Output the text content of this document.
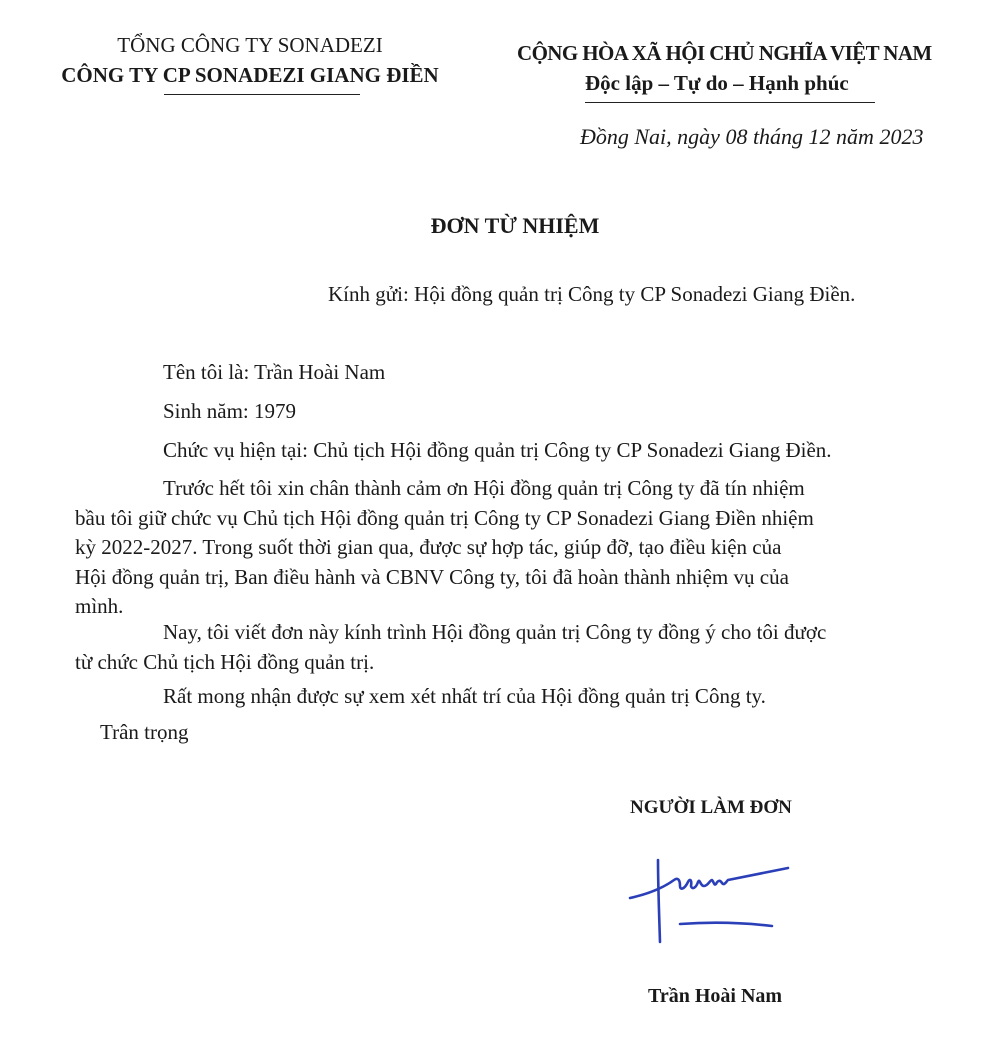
TỔNG CÔNG TY SONADEZI
CÔNG TY CP SONADEZI GIANG ĐIỀN
CỘNG HÒA XÃ HỘI CHỦ NGHĨA VIỆT NAM
Độc lập – Tự do – Hạnh phúc
Đồng Nai, ngày 08 tháng 12 năm 2023
ĐƠN TỪ NHIỆM
Kính gửi: Hội đồng quản trị Công ty CP Sonadezi Giang Điền.
Tên tôi là: Trần Hoài Nam
Sinh năm: 1979
Chức vụ hiện tại: Chủ tịch Hội đồng quản trị Công ty CP Sonadezi Giang Điền.
Trước hết tôi xin chân thành cảm ơn Hội đồng quản trị Công ty đã tín nhiệm
bầu tôi giữ chức vụ Chủ tịch Hội đồng quản trị Công ty CP Sonadezi Giang Điền nhiệm
kỳ 2022-2027. Trong suốt thời gian qua, được sự hợp tác, giúp đỡ, tạo điều kiện của
Hội đồng quản trị, Ban điều hành và CBNV Công ty, tôi đã hoàn thành nhiệm vụ của
mình.
Nay, tôi viết đơn này kính trình Hội đồng quản trị Công ty đồng ý cho tôi được
từ chức Chủ tịch Hội đồng quản trị.
Rất mong nhận được sự xem xét nhất trí của Hội đồng quản trị Công ty.
Trân trọng
NGƯỜI LÀM ĐƠN
Trần Hoài Nam
